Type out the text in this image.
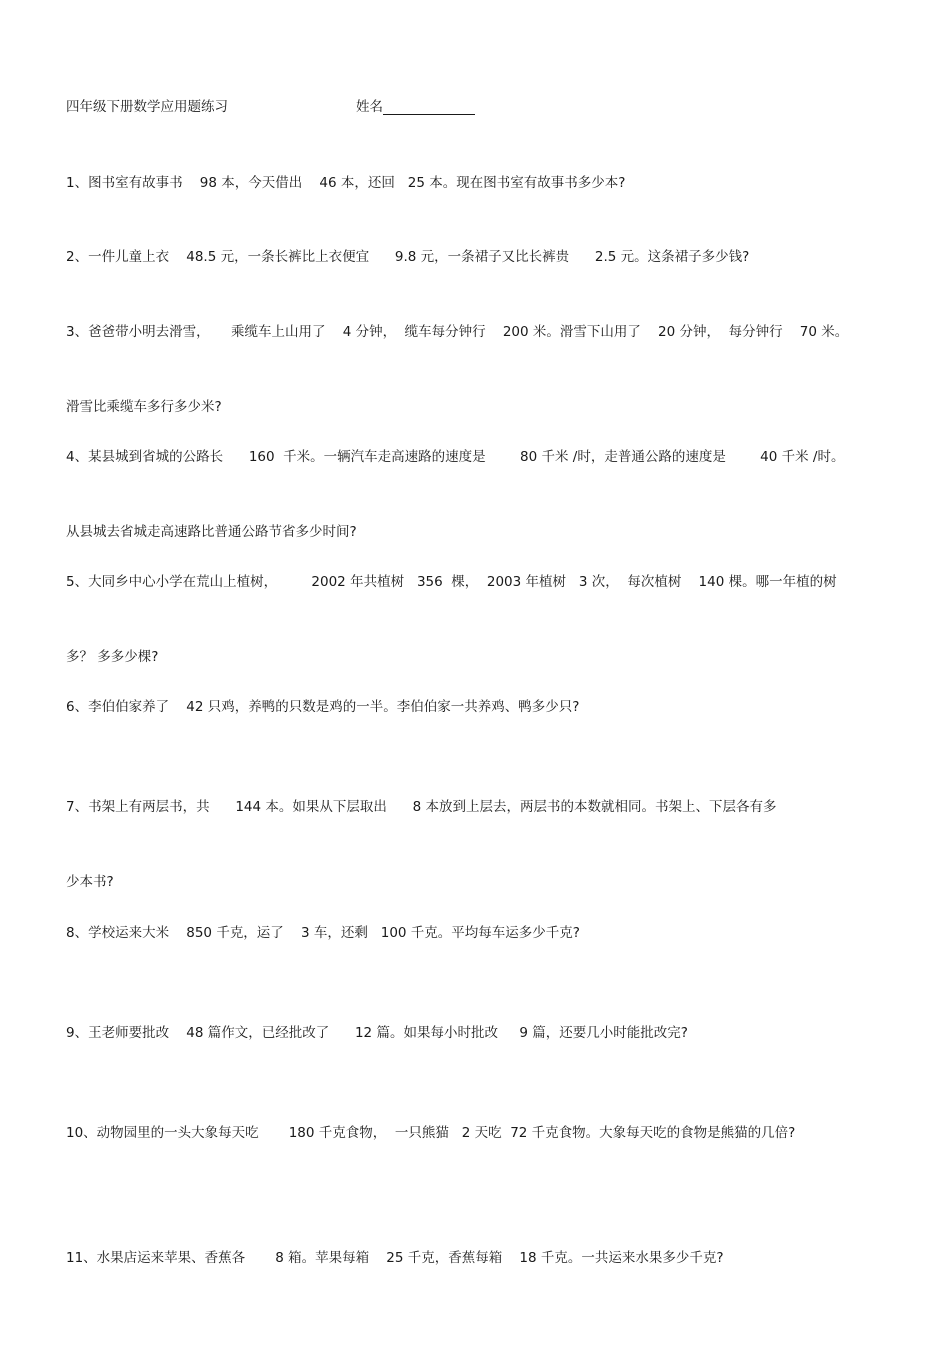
四年级下册数学应用题练习	姓名

1、图书室有故事书    98 本，今天借出    46 本，还回   25 本。现在图书室有故事书多少本?

2、一件儿童上衣    48.5 元，一条长裤比上衣便宜      9.8 元，一条裙子又比长裤贵      2.5 元。这条裙子多少钱?

3、爸爸带小明去滑雪，     乘缆车上山用了    4 分钟，  缆车每分钟行    200 米。滑雪下山用了    20 分钟，  每分钟行    70 米。

滑雪比乘缆车多行多少米?

4、某县城到省城的公路长      160  千米。一辆汽车走高速路的速度是        80 千米 /时，走普通公路的速度是        40 千米 /时。

从县城去省城走高速路比普通公路节省多少时间?

5、大同乡中心小学在荒山上植树，        2002 年共植树   356  棵，  2003 年植树   3 次，  每次植树    140 棵。哪一年植的树

多？ 多多少棵?

6、李伯伯家养了    42 只鸡，养鸭的只数是鸡的一半。李伯伯家一共养鸡、鸭多少只?

7、书架上有两层书，共      144 本。如果从下层取出      8 本放到上层去，两层书的本数就相同。书架上、下层各有多

少本书?

8、学校运来大米    850 千克，运了    3 车，还剩   100 千克。平均每车运多少千克?

9、王老师要批改    48 篇作文，已经批改了      12 篇。如果每小时批改     9 篇，还要几小时能批改完?

10、动物园里的一头大象每天吃       180 千克食物，  一只熊猫   2 天吃  72 千克食物。大象每天吃的食物是熊猫的几倍?

11、水果店运来苹果、香蕉各       8 箱。苹果每箱    25 千克，香蕉每箱    18 千克。一共运来水果多少千克?
